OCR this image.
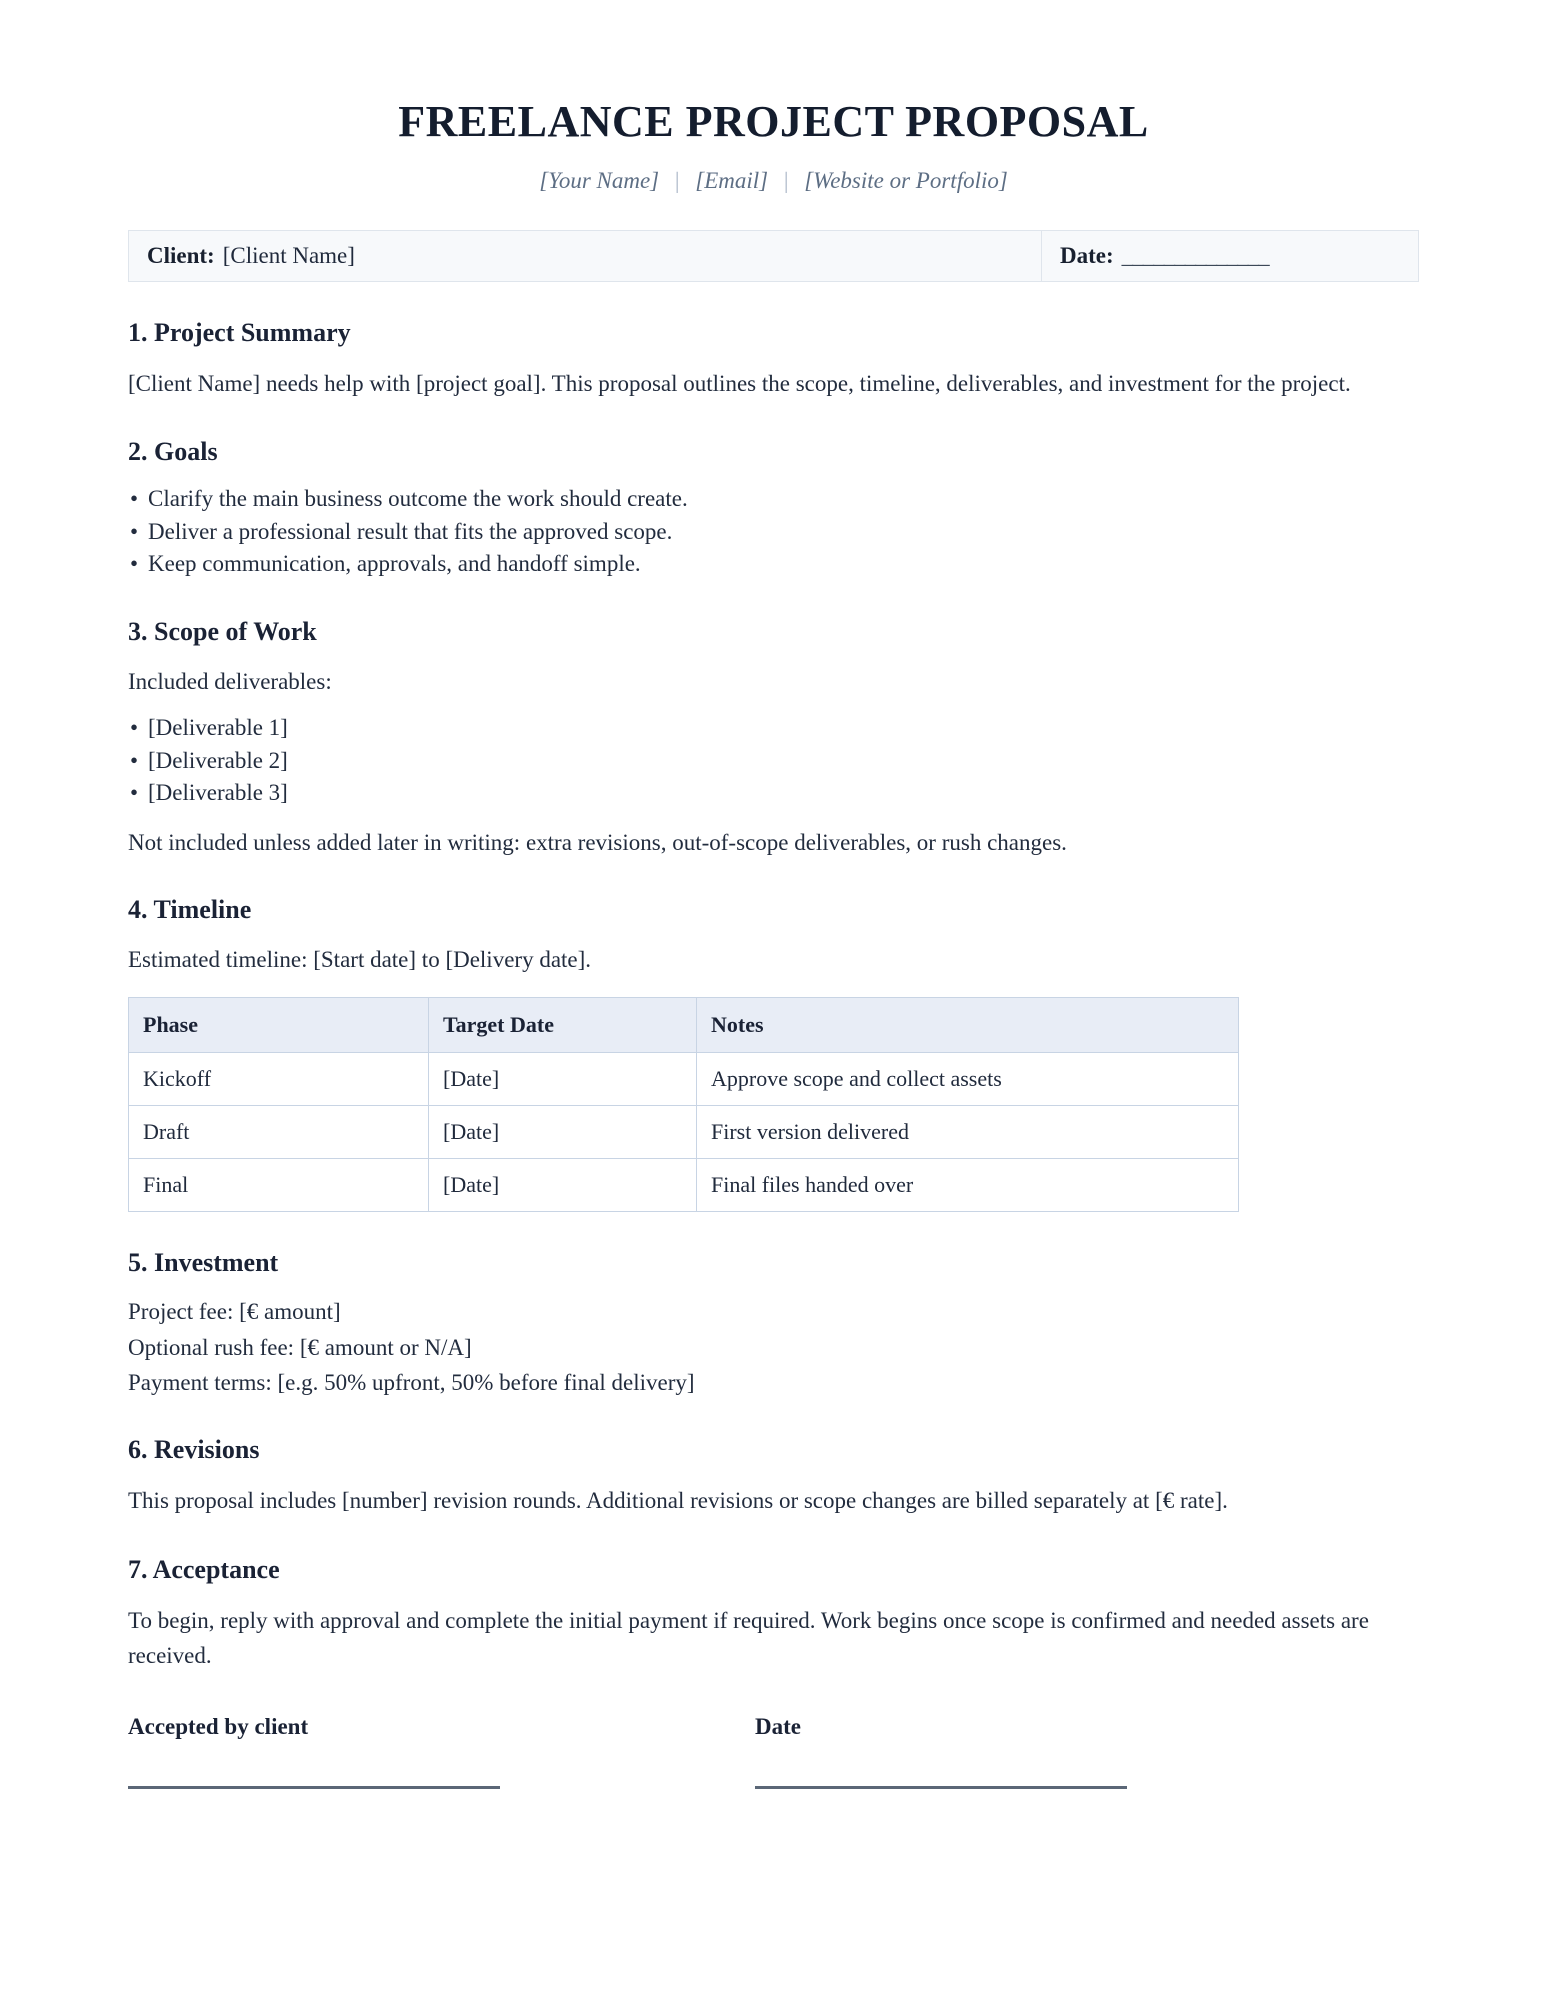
FREELANCE PROJECT PROPOSAL
[Your Name] | [Email] | [Website or Portfolio]
Client: [Client Name]	Date: ______________
1. Project Summary

[Client Name] needs help with [project goal]. This proposal outlines the scope, timeline, deliverables, and investment for the project.

2. Goals
• Clarify the main business outcome the work should create.
• Deliver a professional result that fits the approved scope.
• Keep communication, approvals, and handoff simple.
3. Scope of Work

Included deliverables:

• [Deliverable 1]
• [Deliverable 2]
• [Deliverable 3]

Not included unless added later in writing: extra revisions, out-of-scope deliverables, or rush changes.

4. Timeline

Estimated timeline: [Start date] to [Delivery date].

Phase	Target Date	Notes
Kickoff	[Date]	Approve scope and collect assets
Draft	[Date]	First version delivered
Final	[Date]	Final files handed over
5. Investment

Project fee: [€ amount]

Optional rush fee: [€ amount or N/A]

Payment terms: [e.g. 50% upfront, 50% before final delivery]

6. Revisions

This proposal includes [number] revision rounds. Additional revisions or scope changes are billed separately at [€ rate].

7. Acceptance

To begin, reply with approval and complete the initial payment if required. Work begins once scope is confirmed and needed assets are received.

Accepted by client	Date
